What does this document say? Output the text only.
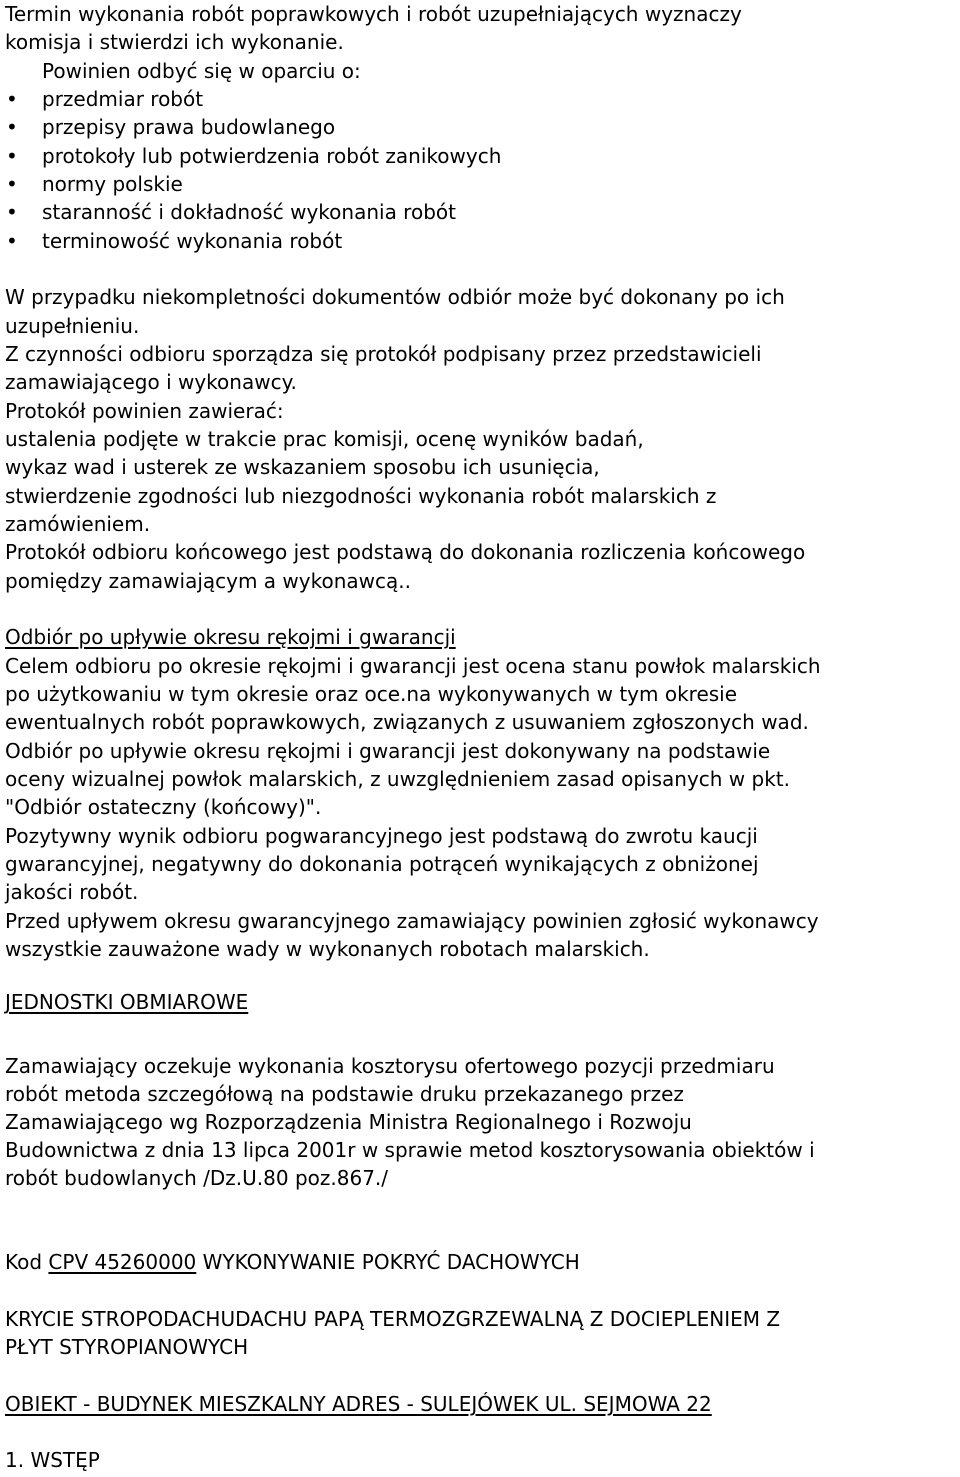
Termin wykonania robót poprawkowych i robót uzupełniających wyznaczy
komisja i stwierdzi ich wykonanie.
Powinien odbyć się w oparciu o:
• przedmiar robót
• przepisy prawa budowlanego
• protokoły lub potwierdzenia robót zanikowych
• normy polskie
• staranność i dokładność wykonania robót
• terminowość wykonania robót
W przypadku niekompletności dokumentów odbiór może być dokonany po ich
uzupełnieniu.
Z czynności odbioru sporządza się protokół podpisany przez przedstawicieli
zamawiającego i wykonawcy.
Protokół powinien zawierać:
ustalenia podjęte w trakcie prac komisji, ocenę wyników badań,
wykaz wad i usterek ze wskazaniem sposobu ich usunięcia,
stwierdzenie zgodności lub niezgodności wykonania robót malarskich z
zamówieniem.
Protokół odbioru końcowego jest podstawą do dokonania rozliczenia końcowego
pomiędzy zamawiającym a wykonawcą..
Odbiór po upływie okresu rękojmi i gwarancji
Celem odbioru po okresie rękojmi i gwarancji jest ocena stanu powłok malarskich
po użytkowaniu w tym okresie oraz oce.na wykonywanych w tym okresie
ewentualnych robót poprawkowych, związanych z usuwaniem zgłoszonych wad.
Odbiór po upływie okresu rękojmi i gwarancji jest dokonywany na podstawie
oceny wizualnej powłok malarskich, z uwzględnieniem zasad opisanych w pkt.
"Odbiór ostateczny (końcowy)".
Pozytywny wynik odbioru pogwarancyjnego jest podstawą do zwrotu kaucji
gwarancyjnej, negatywny do dokonania potrąceń wynikających z obniżonej
jakości robót.
Przed upływem okresu gwarancyjnego zamawiający powinien zgłosić wykonawcy
wszystkie zauważone wady w wykonanych robotach malarskich.
JEDNOSTKI OBMIAROWE
Zamawiający oczekuje wykonania kosztorysu ofertowego pozycji przedmiaru
robót metoda szczegółową na podstawie druku przekazanego przez
Zamawiającego wg Rozporządzenia Ministra Regionalnego i Rozwoju
Budownictwa z dnia 13 lipca 2001r w sprawie metod kosztorysowania obiektów i
robót budowlanych /Dz.U.80 poz.867./
Kod CPV 45260000 WYKONYWANIE POKRYĆ DACHOWYCH
KRYCIE STROPODACHUDACHU PAPĄ TERMOZGRZEWALNĄ Z DOCIEPLENIEM Z
PŁYT STYROPIANOWYCH
OBIEKT - BUDYNEK MIESZKALNY ADRES - SULEJÓWEK UL. SEJMOWA 22
1. WSTĘP
